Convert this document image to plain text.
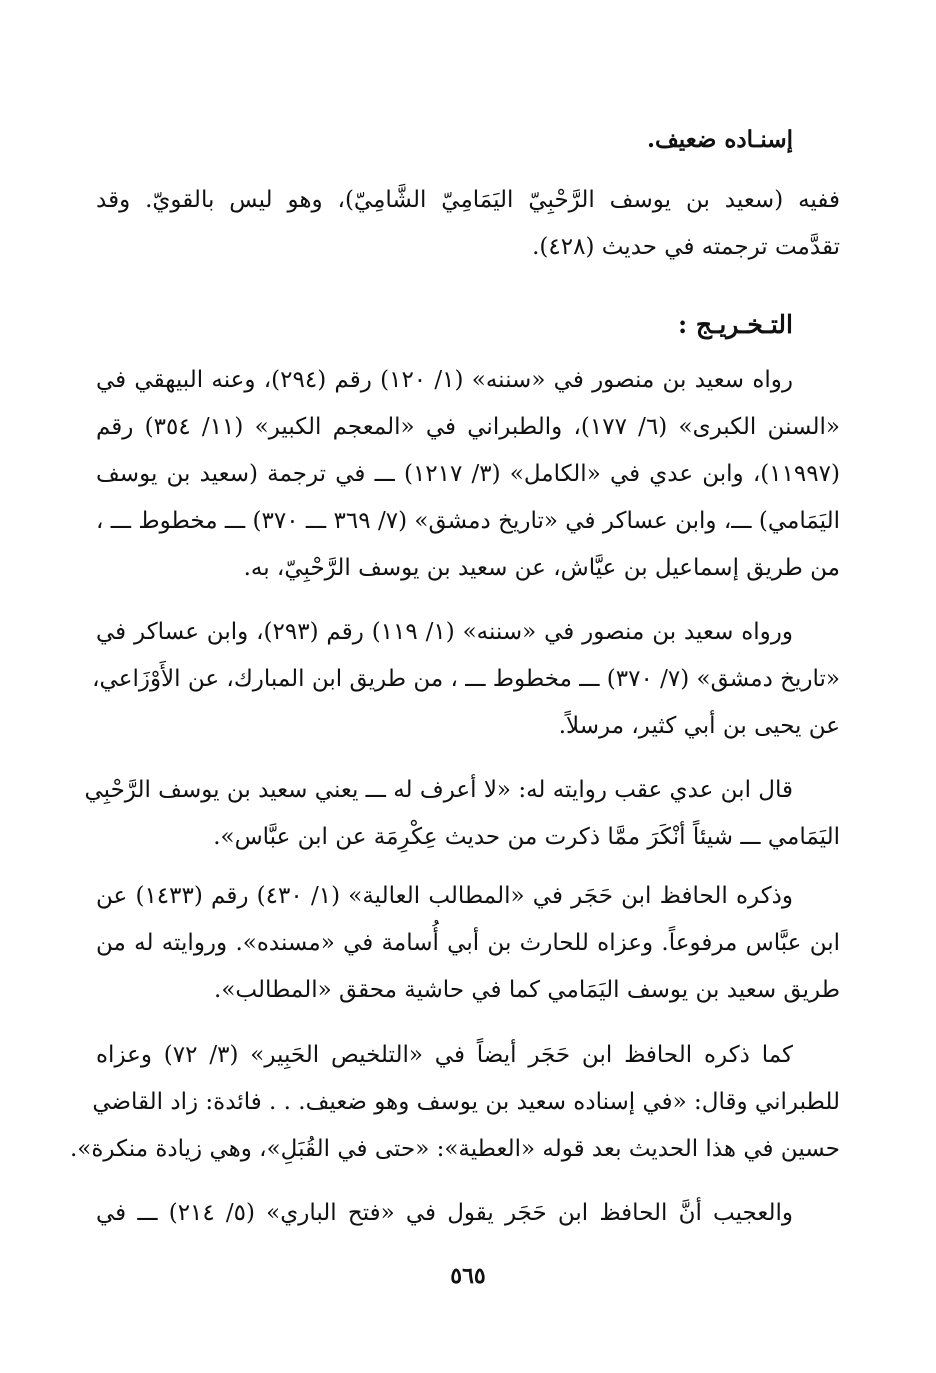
إسنـاده ضعيف.
ففيه (سعيد بن يوسف الرَّحْبِيّ اليَمَامِيّ الشَّامِيّ)، وهو ليس بالقويّ. وقد
تقدَّمت ترجمته في حديث (٤٢٨).
التـخـريـج :
رواه سعيد بن منصور في «سننه» (١/ ١٢٠) رقم (٢٩٤)، وعنه البيهقي في
«السنن الكبرى» (٦/ ١٧٧)، والطبراني في «المعجم الكبير» (١١/ ٣٥٤) رقم
(١١٩٩٧)، وابن عدي في «الكامل» (٣/ ١٢١٧) ـــ في ترجمة (سعيد بن يوسف
اليَمَامي) ـــ، وابن عساكر في «تاريخ دمشق» (٧/ ٣٦٩ ـــ ٣٧٠) ـــ مخطوط ـــ ،
من طريق إسماعيل بن عيَّاش، عن سعيد بن يوسف الرَّحْبِيّ، به.
ورواه سعيد بن منصور في «سننه» (١/ ١١٩) رقم (٢٩٣)، وابن عساكر في
«تاريخ دمشق» (٧/ ٣٧٠) ـــ مخطوط ـــ ، من طريق ابن المبارك، عن الأَوْزَاعي،
عن يحيى بن أبي كثير، مرسلاً.
قال ابن عدي عقب روايته له: «لا أعرف له ـــ يعني سعيد بن يوسف الرَّحْبِي
اليَمَامي ـــ شيئاً أنْكَرَ ممَّا ذكرت من حديث عِكْرِمَة عن ابن عبَّاس».
وذكره الحافظ ابن حَجَر في «المطالب العالية» (١/ ٤٣٠) رقم (١٤٣٣) عن
ابن عبَّاس مرفوعاً. وعزاه للحارث بن أبي أُسامة في «مسنده». وروايته له من
طريق سعيد بن يوسف اليَمَامي كما في حاشية محقق «المطالب».
كما ذكره الحافظ ابن حَجَر أيضاً في «التلخيص الحَبِير» (٣/ ٧٢) وعزاه
للطبراني وقال: «في إسناده سعيد بن يوسف وهو ضعيف. . . فائدة: زاد القاضي
حسين في هذا الحديث بعد قوله «العطية»: «حتى في القُبَلِ»، وهي زيادة منكرة».
والعجيب أنَّ الحافظ ابن حَجَر يقول في «فتح الباري» (٥/ ٢١٤) ـــ في
٥٦٥
